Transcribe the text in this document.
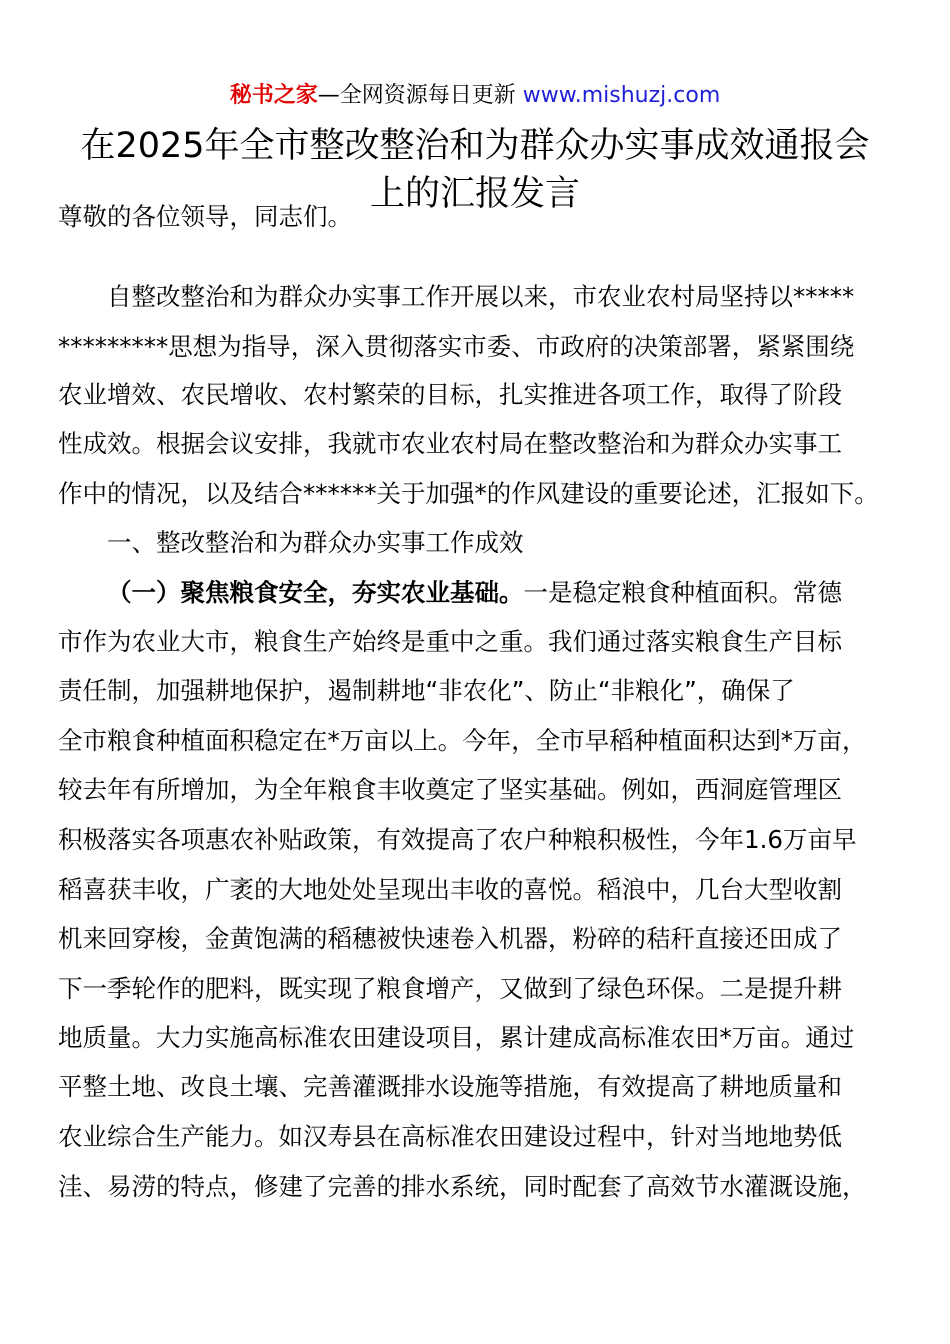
秘书之家—全网资源每日更新 www.mishuzj.com
在2025年全市整改整治和为群众办实事成效通报会
上的汇报发言
尊敬的各位领导，同志们。
自整改整治和为群众办实事工作开展以来，市农业农村局坚持以*****
*********思想为指导，深入贯彻落实市委、市政府的决策部署，紧紧围绕
农业增效、农民增收、农村繁荣的目标，扎实推进各项工作，取得了阶段
性成效。根据会议安排，我就市农业农村局在整改整治和为群众办实事工
作中的情况，以及结合******关于加强*的作风建设的重要论述，汇报如下。
一、整改整治和为群众办实事工作成效
（一）聚焦粮食安全，夯实农业基础。一是稳定粮食种植面积。常德
市作为农业大市，粮食生产始终是重中之重。我们通过落实粮食生产目标
责任制，加强耕地保护，遏制耕地“非农化”、防止“非粮化”，确保了
全市粮食种植面积稳定在*万亩以上。今年，全市早稻种植面积达到*万亩，
较去年有所增加，为全年粮食丰收奠定了坚实基础。例如，西洞庭管理区
积极落实各项惠农补贴政策，有效提高了农户种粮积极性，今年1.6万亩早
稻喜获丰收，广袤的大地处处呈现出丰收的喜悦。稻浪中，几台大型收割
机来回穿梭，金黄饱满的稻穗被快速卷入机器，粉碎的秸秆直接还田成了
下一季轮作的肥料，既实现了粮食增产，又做到了绿色环保。二是提升耕
地质量。大力实施高标准农田建设项目，累计建成高标准农田*万亩。通过
平整土地、改良土壤、完善灌溉排水设施等措施，有效提高了耕地质量和
农业综合生产能力。如汉寿县在高标准农田建设过程中，针对当地地势低
洼、易涝的特点，修建了完善的排水系统，同时配套了高效节水灌溉设施，
